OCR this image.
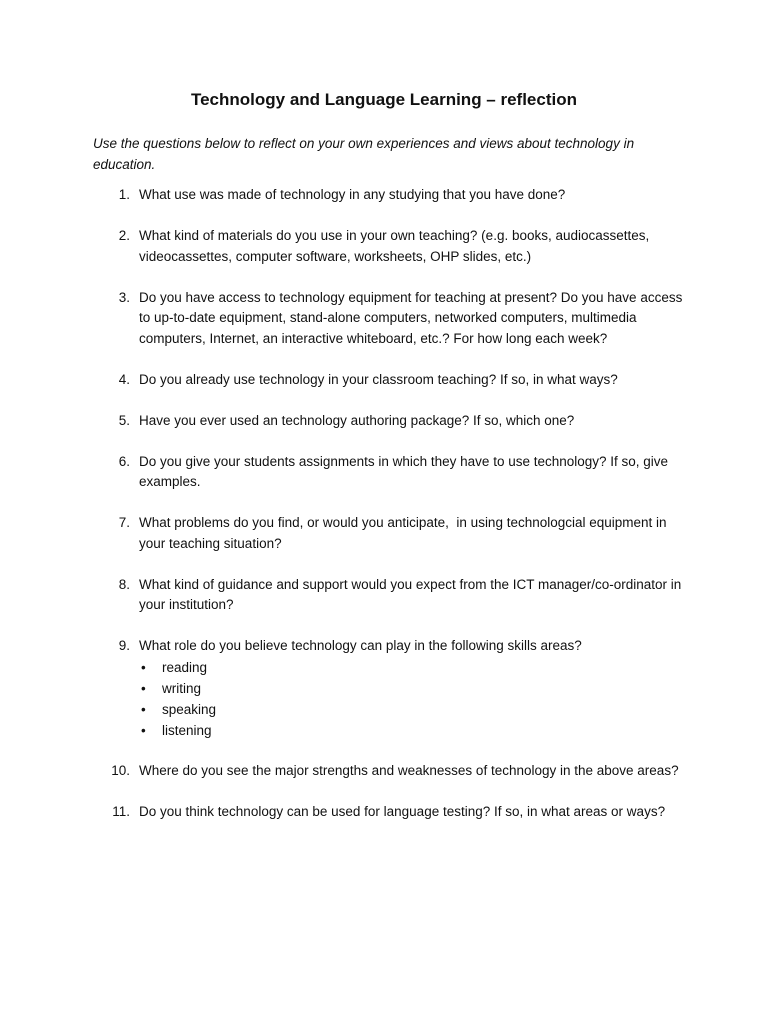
Technology and Language Learning – reflection
Use the questions below to reflect on your own experiences and views about technology in education.
1. What use was made of technology in any studying that you have done?
2. What kind of materials do you use in your own teaching? (e.g. books, audiocassettes, videocassettes, computer software, worksheets, OHP slides, etc.)
3. Do you have access to technology equipment for teaching at present? Do you have access to up-to-date equipment, stand-alone computers, networked computers, multimedia computers, Internet, an interactive whiteboard, etc.? For how long each week?
4. Do you already use technology in your classroom teaching? If so, in what ways?
5. Have you ever used an technology authoring package? If so, which one?
6. Do you give your students assignments in which they have to use technology? If so, give examples.
7. What problems do you find, or would you anticipate,  in using technologcial equipment in your teaching situation?
8. What kind of guidance and support would you expect from the ICT manager/co-ordinator in your institution?
9. What role do you believe technology can play in the following skills areas?
• reading
• writing
• speaking
• listening
10. Where do you see the major strengths and weaknesses of technology in the above areas?
11. Do you think technology can be used for language testing? If so, in what areas or ways?
